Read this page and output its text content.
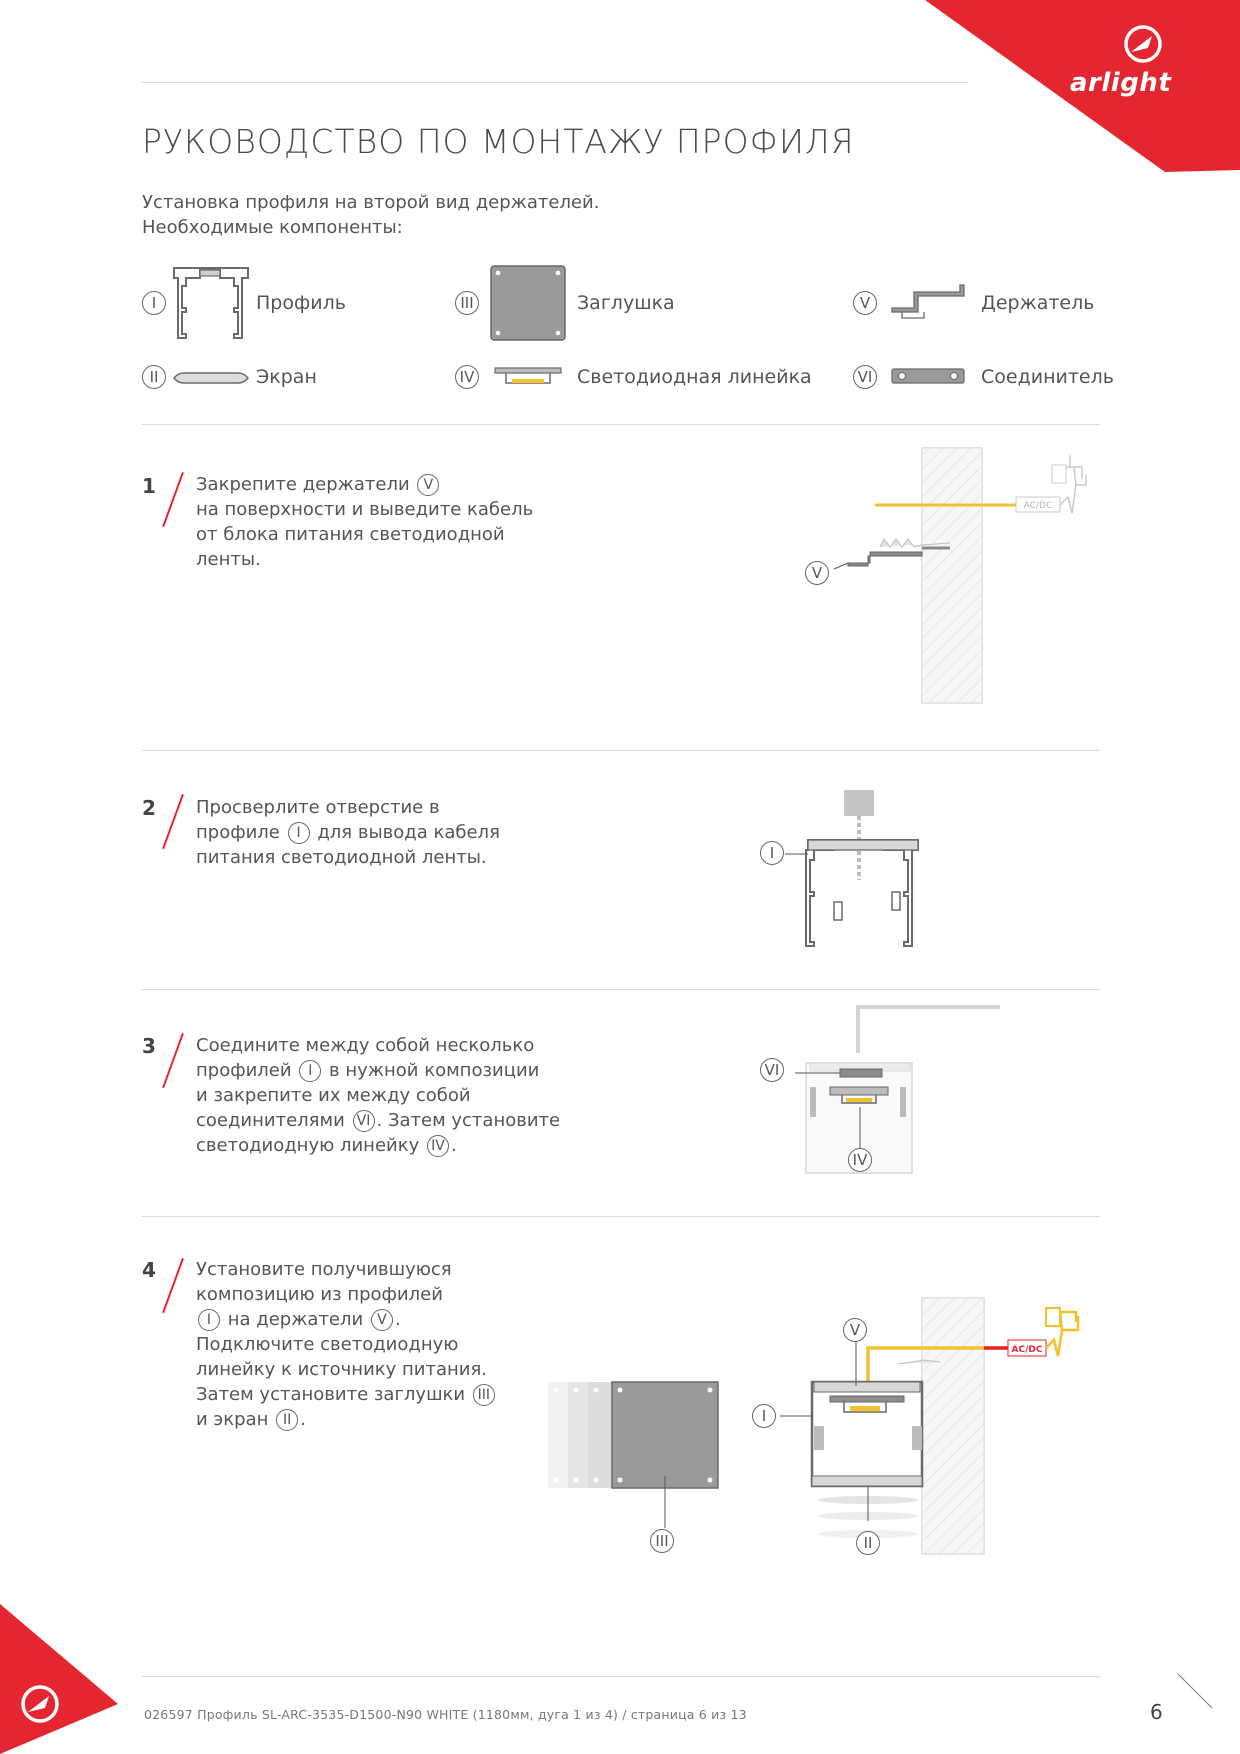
arlight
РУКОВОДСТВО ПО МОНТАЖУ ПРОФИЛЯ
Установка профиля на второй вид держателей.
Необходимые компоненты:
I	Профиль
II	Экран
III	Заглушка
IV	Светодиодная линейка
V	Держатель
VI	Соединитель
1 Закрепите держатели V
на поверхности и выведите кабель
от блока питания светодиодной
ленты.
AC/DC
V
2 Просверлите отверстие в
профиле I для вывода кабеля
питания светодиодной ленты.	I
3 Соедините между собой несколько
профилей I в нужной композиции
и закрепите их между собой
соединителями VI . Затем установите
светодиодную линейку IV .
VI
IV
4 Установите получившуюся
композицию из профилей
I на держатели V .
Подключите светодиодную
линейку к источнику питания.
Затем установите заглушки III
и экран II .
III
AC/DC
V
I
II
026597 Профиль SL-ARC-3535-D1500-N90 WHITE (1180мм, дуга 1 из 4) / страница 6 из 13	6
